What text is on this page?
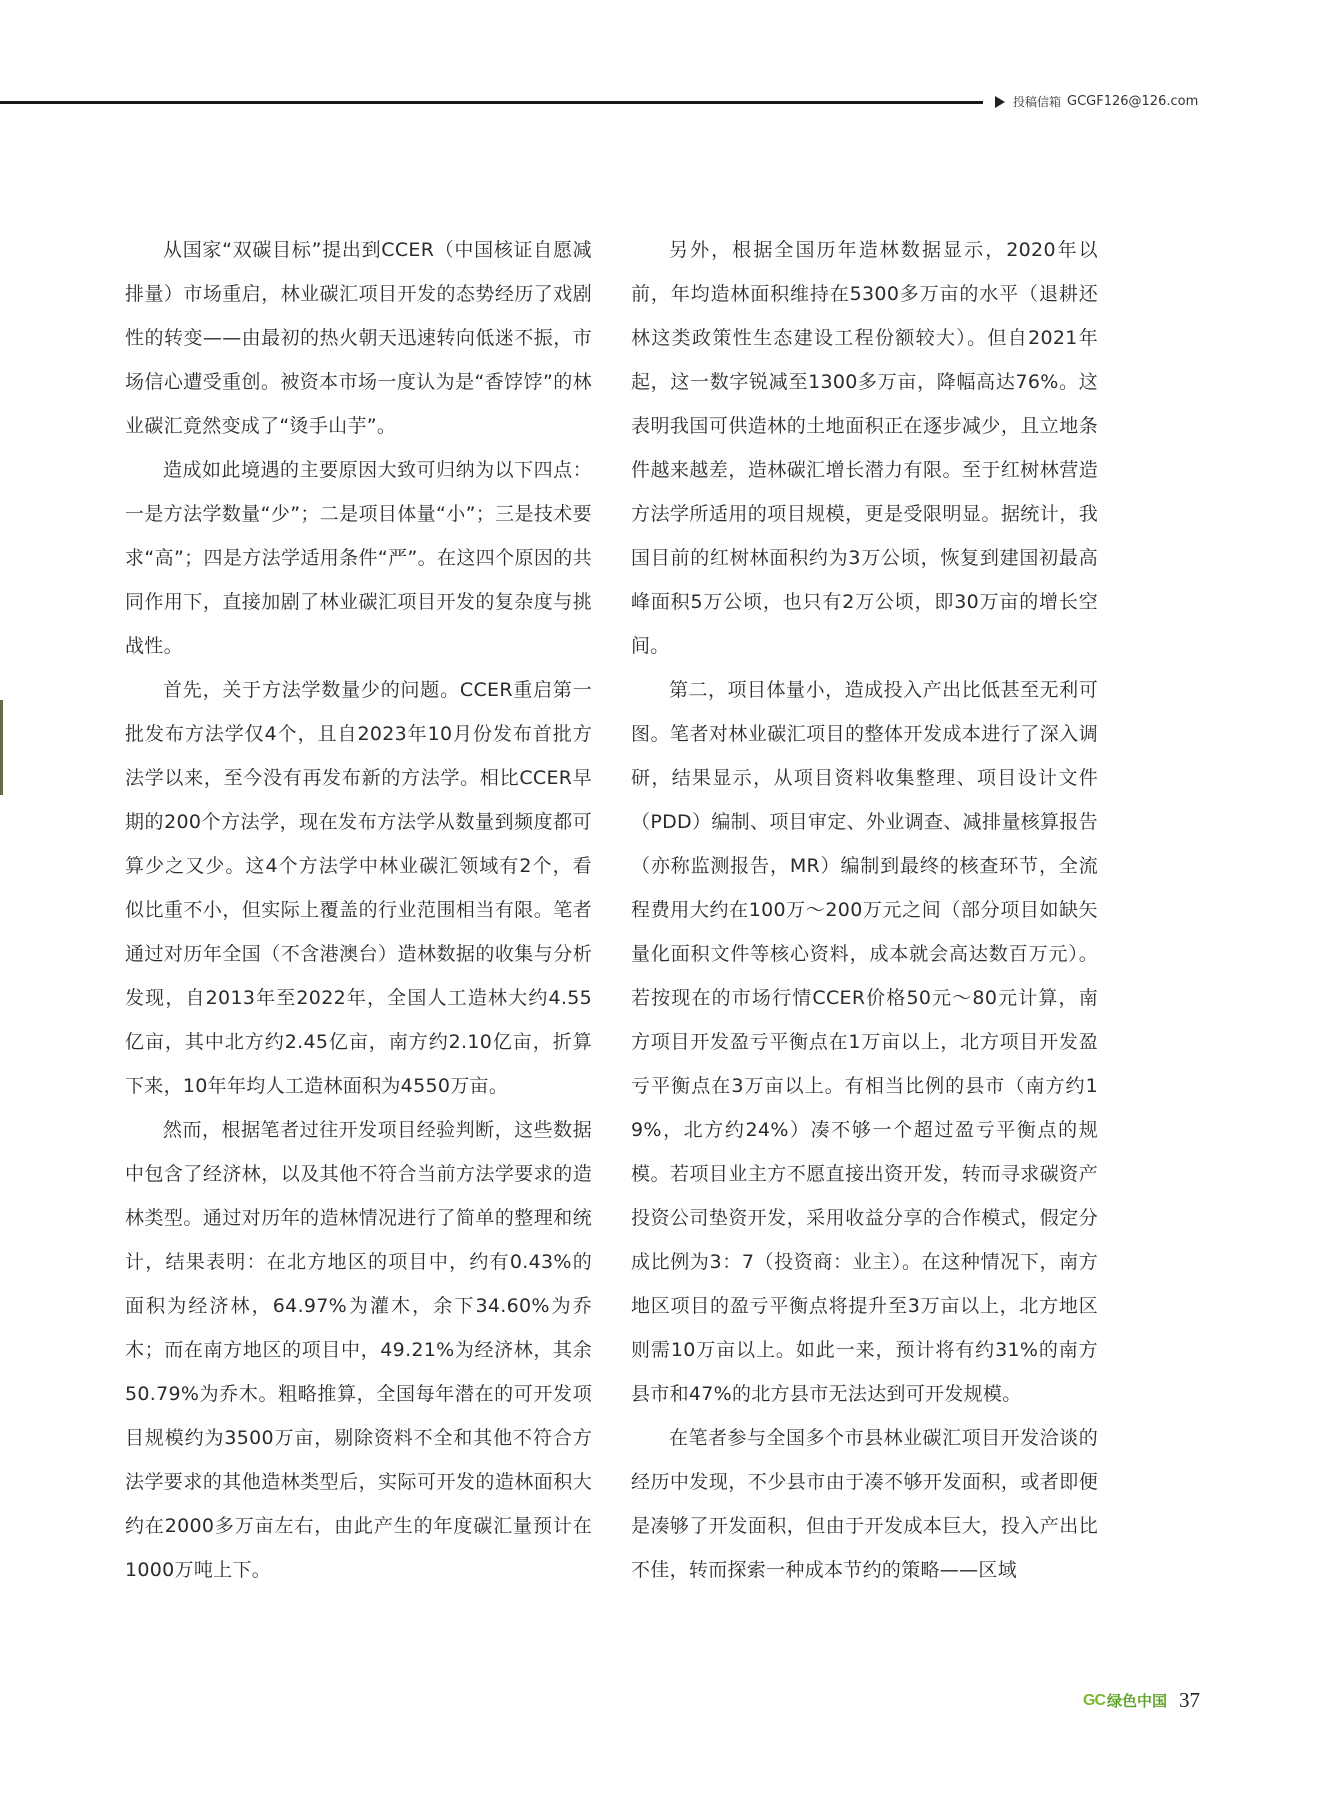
投稿信箱 GCGF126@126.com

从国家“双碳目标”提出到CCER（中国核证自愿减排量）市场重启，林业碳汇项目开发的态势经历了戏剧性的转变——由最初的热火朝天迅速转向低迷不振，市场信心遭受重创。被资本市场一度认为是“香饽饽”的林业碳汇竟然变成了“烫手山芋”。

造成如此境遇的主要原因大致可归纳为以下四点：一是方法学数量“少”；二是项目体量“小”；三是技术要求“高”；四是方法学适用条件“严”。在这四个原因的共同作用下，直接加剧了林业碳汇项目开发的复杂度与挑战性。

首先，关于方法学数量少的问题。CCER重启第一批发布方法学仅4个，且自2023年10月份发布首批方法学以来，至今没有再发布新的方法学。相比CCER早期的200个方法学，现在发布方法学从数量到频度都可算少之又少。这4个方法学中林业碳汇领域有2个，看似比重不小，但实际上覆盖的行业范围相当有限。笔者通过对历年全国（不含港澳台）造林数据的收集与分析发现，自2013年至2022年，全国人工造林大约4.55亿亩，其中北方约2.45亿亩，南方约2.10亿亩，折算下来，10年年均人工造林面积为4550万亩。

然而，根据笔者过往开发项目经验判断，这些数据中包含了经济林，以及其他不符合当前方法学要求的造林类型。通过对历年的造林情况进行了简单的整理和统计，结果表明：在北方地区的项目中，约有0.43%的面积为经济林，64.97%为灌木，余下34.60%为乔木；而在南方地区的项目中，49.21%为经济林，其余50.79%为乔木。粗略推算，全国每年潜在的可开发项目规模约为3500万亩，剔除资料不全和其他不符合方法学要求的其他造林类型后，实际可开发的造林面积大约在2000多万亩左右，由此产生的年度碳汇量预计在1000万吨上下。

另外，根据全国历年造林数据显示，2020年以前，年均造林面积维持在5300多万亩的水平（退耕还林这类政策性生态建设工程份额较大）。但自2021年起，这一数字锐减至1300多万亩，降幅高达76%。这表明我国可供造林的土地面积正在逐步减少，且立地条件越来越差，造林碳汇增长潜力有限。至于红树林营造方法学所适用的项目规模，更是受限明显。据统计，我国目前的红树林面积约为3万公顷，恢复到建国初最高峰面积5万公顷，也只有2万公顷，即30万亩的增长空间。

第二，项目体量小，造成投入产出比低甚至无利可图。笔者对林业碳汇项目的整体开发成本进行了深入调研，结果显示，从项目资料收集整理、项目设计文件（PDD）编制、项目审定、外业调查、减排量核算报告（亦称监测报告，MR）编制到最终的核查环节，全流程费用大约在100万～200万元之间（部分项目如缺矢量化面积文件等核心资料，成本就会高达数百万元）。若按现在的市场行情CCER价格50元～80元计算，南方项目开发盈亏平衡点在1万亩以上，北方项目开发盈亏平衡点在3万亩以上。有相当比例的县市（南方约19%，北方约24%）凑不够一个超过盈亏平衡点的规模。若项目业主方不愿直接出资开发，转而寻求碳资产投资公司垫资开发，采用收益分享的合作模式，假定分成比例为3：7（投资商：业主）。在这种情况下，南方地区项目的盈亏平衡点将提升至3万亩以上，北方地区则需10万亩以上。如此一来，预计将有约31%的南方县市和47%的北方县市无法达到可开发规模。

在笔者参与全国多个市县林业碳汇项目开发洽谈的经历中发现，不少县市由于凑不够开发面积，或者即便是凑够了开发面积，但由于开发成本巨大，投入产出比不佳，转而探索一种成本节约的策略——区域

GC 绿色中国 37
